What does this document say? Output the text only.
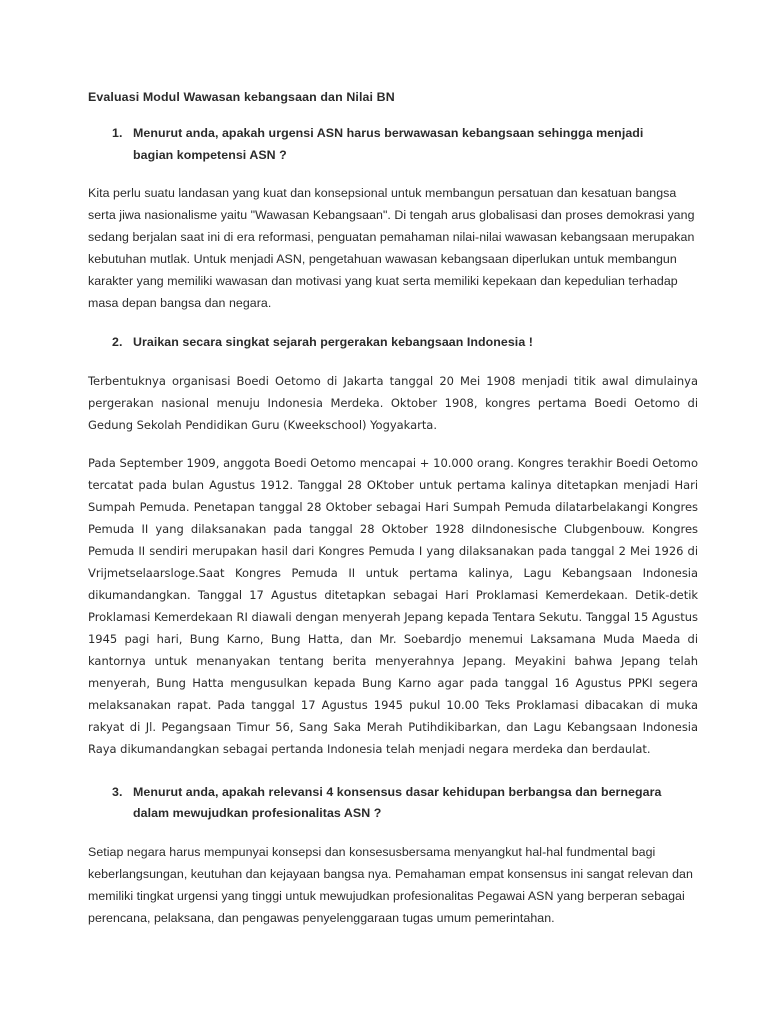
Evaluasi Modul Wawasan kebangsaan dan Nilai BN
1. Menurut anda, apakah urgensi ASN harus berwawasan kebangsaan sehingga menjadi bagian kompetensi ASN ?

Kita perlu suatu landasan yang kuat dan konsepsional untuk membangun persatuan dan kesatuan bangsa serta jiwa nasionalisme yaitu "Wawasan Kebangsaan". Di tengah arus globalisasi dan proses demokrasi yang sedang berjalan saat ini di era reformasi, penguatan pemahaman nilai-nilai wawasan kebangsaan merupakan kebutuhan mutlak. Untuk menjadi ASN, pengetahuan wawasan kebangsaan diperlukan untuk membangun karakter yang memiliki wawasan dan motivasi yang kuat serta memiliki kepekaan dan kepedulian terhadap masa depan bangsa dan negara.

2. Uraikan secara singkat sejarah pergerakan kebangsaan Indonesia !

Terbentuknya organisasi Boedi Oetomo di Jakarta tanggal 20 Mei 1908 menjadi titik awal dimulainya pergerakan nasional menuju Indonesia Merdeka. Oktober 1908, kongres pertama Boedi Oetomo di Gedung Sekolah Pendidikan Guru (Kweekschool) Yogyakarta.

Pada September 1909, anggota Boedi Oetomo mencapai + 10.000 orang. Kongres terakhir Boedi Oetomo tercatat pada bulan Agustus 1912. Tanggal 28 OKtober untuk pertama kalinya ditetapkan menjadi Hari Sumpah Pemuda. Penetapan tanggal 28 Oktober sebagai Hari Sumpah Pemuda dilatarbelakangi Kongres Pemuda II yang dilaksanakan pada tanggal 28 Oktober 1928 diIndonesische Clubgenbouw. Kongres Pemuda II sendiri merupakan hasil dari Kongres Pemuda I yang dilaksanakan pada tanggal 2 Mei 1926 di Vrijmetselaarsloge.Saat Kongres Pemuda II untuk pertama kalinya, Lagu Kebangsaan Indonesia dikumandangkan. Tanggal 17 Agustus ditetapkan sebagai Hari Proklamasi Kemerdekaan. Detik-detik Proklamasi Kemerdekaan RI diawali dengan menyerah Jepang kepada Tentara Sekutu. Tanggal 15 Agustus 1945 pagi hari, Bung Karno, Bung Hatta, dan Mr. Soebardjo menemui Laksamana Muda Maeda di kantornya untuk menanyakan tentang berita menyerahnya Jepang. Meyakini bahwa Jepang telah menyerah, Bung Hatta mengusulkan kepada Bung Karno agar pada tanggal 16 Agustus PPKI segera melaksanakan rapat. Pada tanggal 17 Agustus 1945 pukul 10.00 Teks Proklamasi dibacakan di muka rakyat di Jl. Pegangsaan Timur 56, Sang Saka Merah Putihdikibarkan, dan Lagu Kebangsaan Indonesia Raya dikumandangkan sebagai pertanda Indonesia telah menjadi negara merdeka dan berdaulat.

3. Menurut anda, apakah relevansi 4 konsensus dasar kehidupan berbangsa dan bernegara dalam mewujudkan profesionalitas ASN ?

Setiap negara harus mempunyai konsepsi dan konsesusbersama menyangkut hal-hal fundmental bagi keberlangsungan, keutuhan dan kejayaan bangsa nya. Pemahaman empat konsensus ini sangat relevan dan memiliki tingkat urgensi yang tinggi untuk mewujudkan profesionalitas Pegawai ASN yang berperan sebagai perencana, pelaksana, dan pengawas penyelenggaraan tugas umum pemerintahan.
